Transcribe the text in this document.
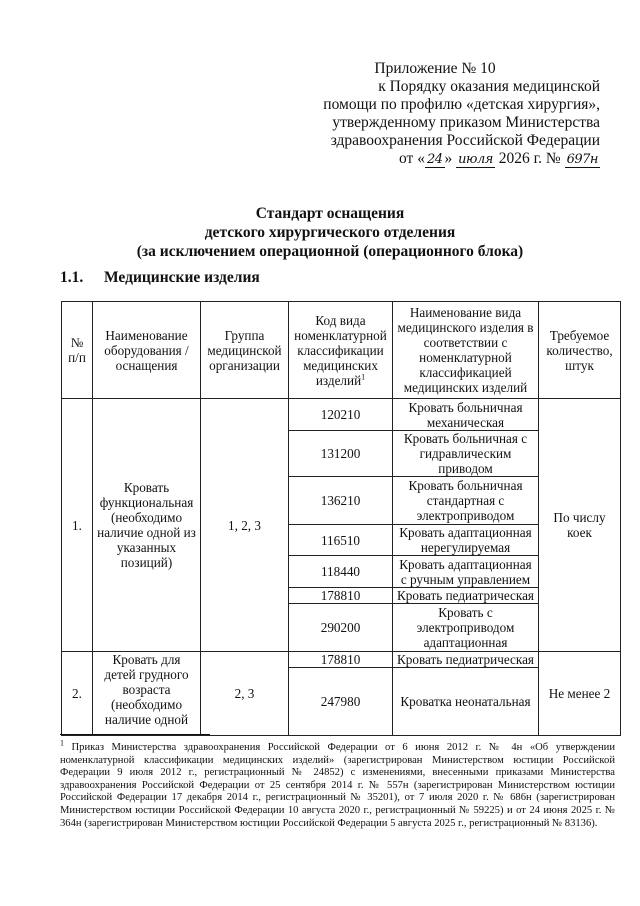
Приложение № 10
к Порядку оказания медицинской
помощи по профилю «детская хирургия»,
утвержденному приказом Министерства
здравоохранения Российской Федерации
от « 24 » июля 2026 г. № 697н
Стандарт оснащения
детского хирургического отделения
(за исключением операционной (операционного блока)
1.1. Медицинские изделия
№ п/п	Наименование оборудования / оснащения	Группа медицинской организации	Код вида номенклатурной классификации медицинских изделий$^1$	Наименование вида медицинского изделия в соответствии с номенклатурной классификацией медицинских изделий	Требуемое количество, штук
1.	Кровать функциональная (необходимо наличие одной из указанных позиций)	1, 2, 3	120210	Кровать больничная механическая	По числу коек
			131200	Кровать больничная с гидравлическим приводом	
			136210	Кровать больничная стандартная с электроприводом	
			116510	Кровать адаптационная нерегулируемая	
			118440	Кровать адаптационная с ручным управлением	
			178810	Кровать педиатрическая	
			290200	Кровать с электроприводом адаптационная	
2.	Кровать для детей грудного возраста (необходимо наличие одной	2, 3	178810	Кровать педиатрическая	Не менее 2
			247980	Кроватка неонатальная	
$^1$ Приказ Министерства здравоохранения Российской Федерации от 6 июня 2012 г. № 4н «Об утверждении номенклатурной классификации медицинских изделий» (зарегистрирован Министерством юстиции Российской Федерации 9 июля 2012 г., регистрационный № 24852) с изменениями, внесенными приказами Министерства здравоохранения Российской Федерации от 25 сентября 2014 г. № 557н (зарегистрирован Министерством юстиции Российской Федерации 17 декабря 2014 г., регистрационный № 35201), от 7 июля 2020 г. № 686н (зарегистрирован Министерством юстиции Российской Федерации 10 августа 2020 г., регистрационный № 59225) и от 24 июня 2025 г. № 364н (зарегистрирован Министерством юстиции Российской Федерации 5 августа 2025 г., регистрационный № 83136).
